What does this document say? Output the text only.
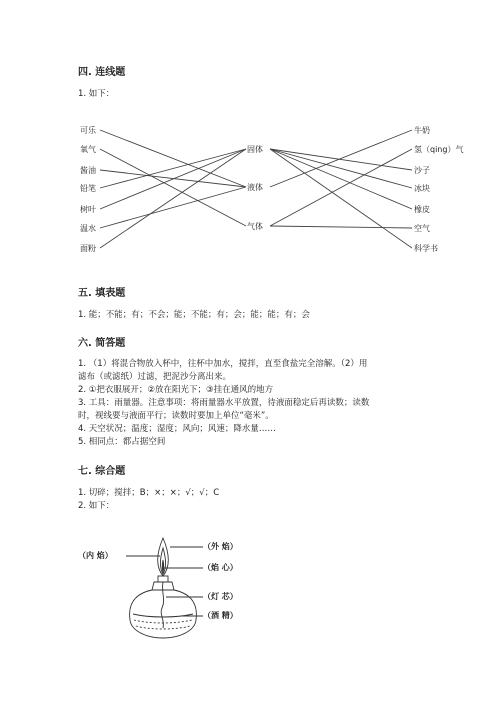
四. 连线题
1. 如下：
可乐
氧气
酱油
铅笔
树叶
温水
面粉
固体
液体
气体
牛奶
氢（qing）气
沙子
冰块
橡皮
空气
科学书
五. 填表题
1. 能；不能；有；不会；能；不能；有；会；能；能；有；会
六. 简答题
1. （1）将混合物放入杯中，往杯中加水，搅拌，直至食盐完全溶解。（2）用
滤布（或滤纸）过滤，把泥沙分离出来。
2. ①把衣服展开；②放在阳光下；③挂在通风的地方
3. 工具：雨量器。注意事项：将雨量器水平放置，待液面稳定后再读数；读数
时，视线要与液面平行；读数时要加上单位“毫米”。
4. 天空状况；温度；湿度；风向；风速；降水量……
5. 相同点：都占据空间
七. 综合题
1. 切碎；搅拌；B；×；×；√；√；C
2. 如下：
（内 焰）
（外 焰）
（焰 心）
（灯 芯）
（酒 精）
